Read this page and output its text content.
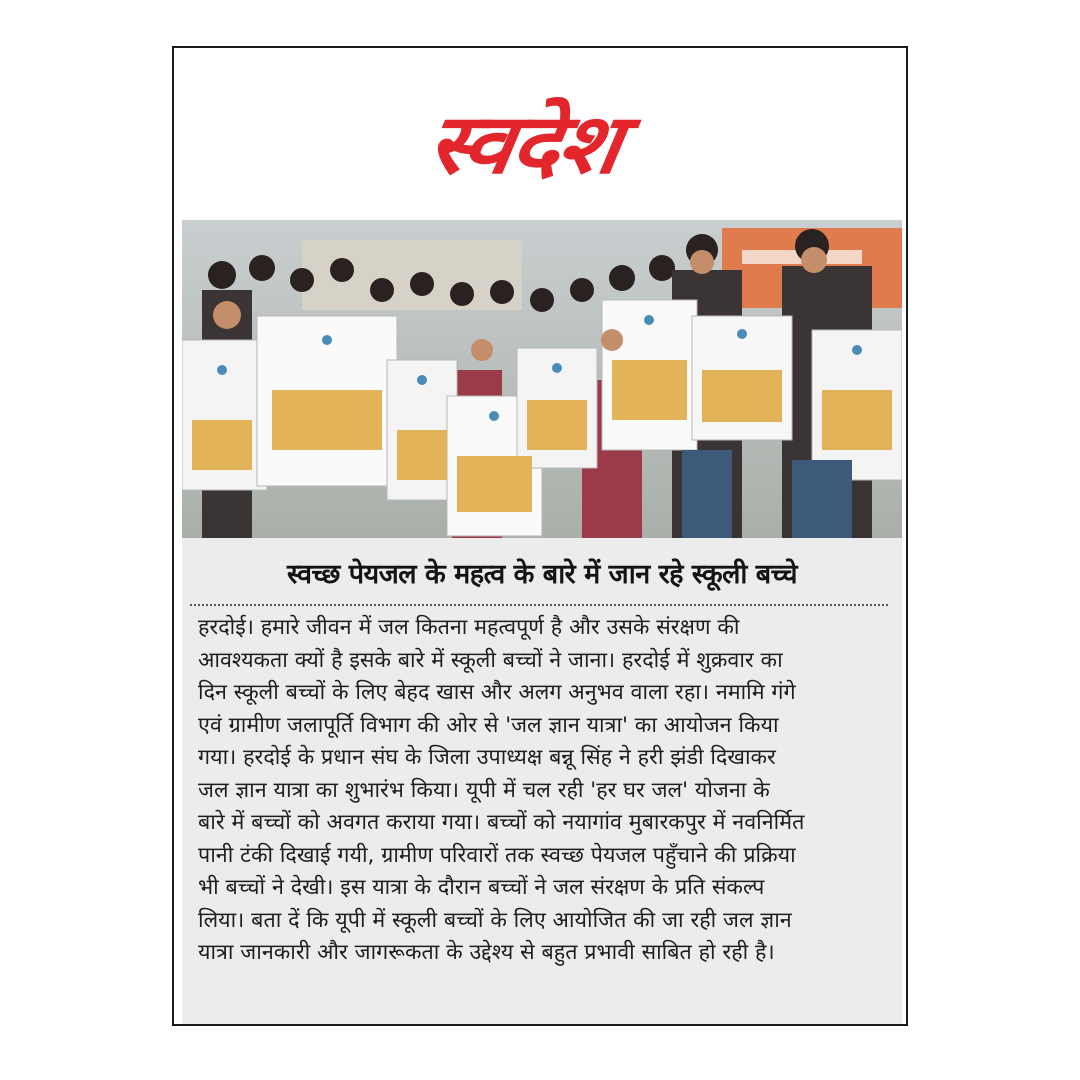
स्वदेश
स्वच्छ पेयजल के महत्व के बारे में जान रहे स्कूली बच्चे
हरदोई। हमारे जीवन में जल कितना महत्वपूर्ण है और उसके संरक्षण की
आवश्यकता क्यों है इसके बारे में स्कूली बच्चों ने जाना। हरदोई में शुक्रवार का
दिन स्कूली बच्चों के लिए बेहद खास और अलग अनुभव वाला रहा। नमामि गंगे
एवं ग्रामीण जलापूर्ति विभाग की ओर से 'जल ज्ञान यात्रा' का आयोजन किया
गया। हरदोई के प्रधान संघ के जिला उपाध्यक्ष बन्नू सिंह ने हरी झंडी दिखाकर
जल ज्ञान यात्रा का शुभारंभ किया। यूपी में चल रही 'हर घर जल' योजना के
बारे में बच्चों को अवगत कराया गया। बच्चों को नयागांव मुबारकपुर में नवनिर्मित
पानी टंकी दिखाई गयी, ग्रामीण परिवारों तक स्वच्छ पेयजल पहुँचाने की प्रक्रिया
भी बच्चों ने देखी। इस यात्रा के दौरान बच्चों ने जल संरक्षण के प्रति संकल्प
लिया। बता दें कि यूपी में स्कूली बच्चों के लिए आयोजित की जा रही जल ज्ञान
यात्रा जानकारी और जागरूकता के उद्देश्य से बहुत प्रभावी साबित हो रही है।
